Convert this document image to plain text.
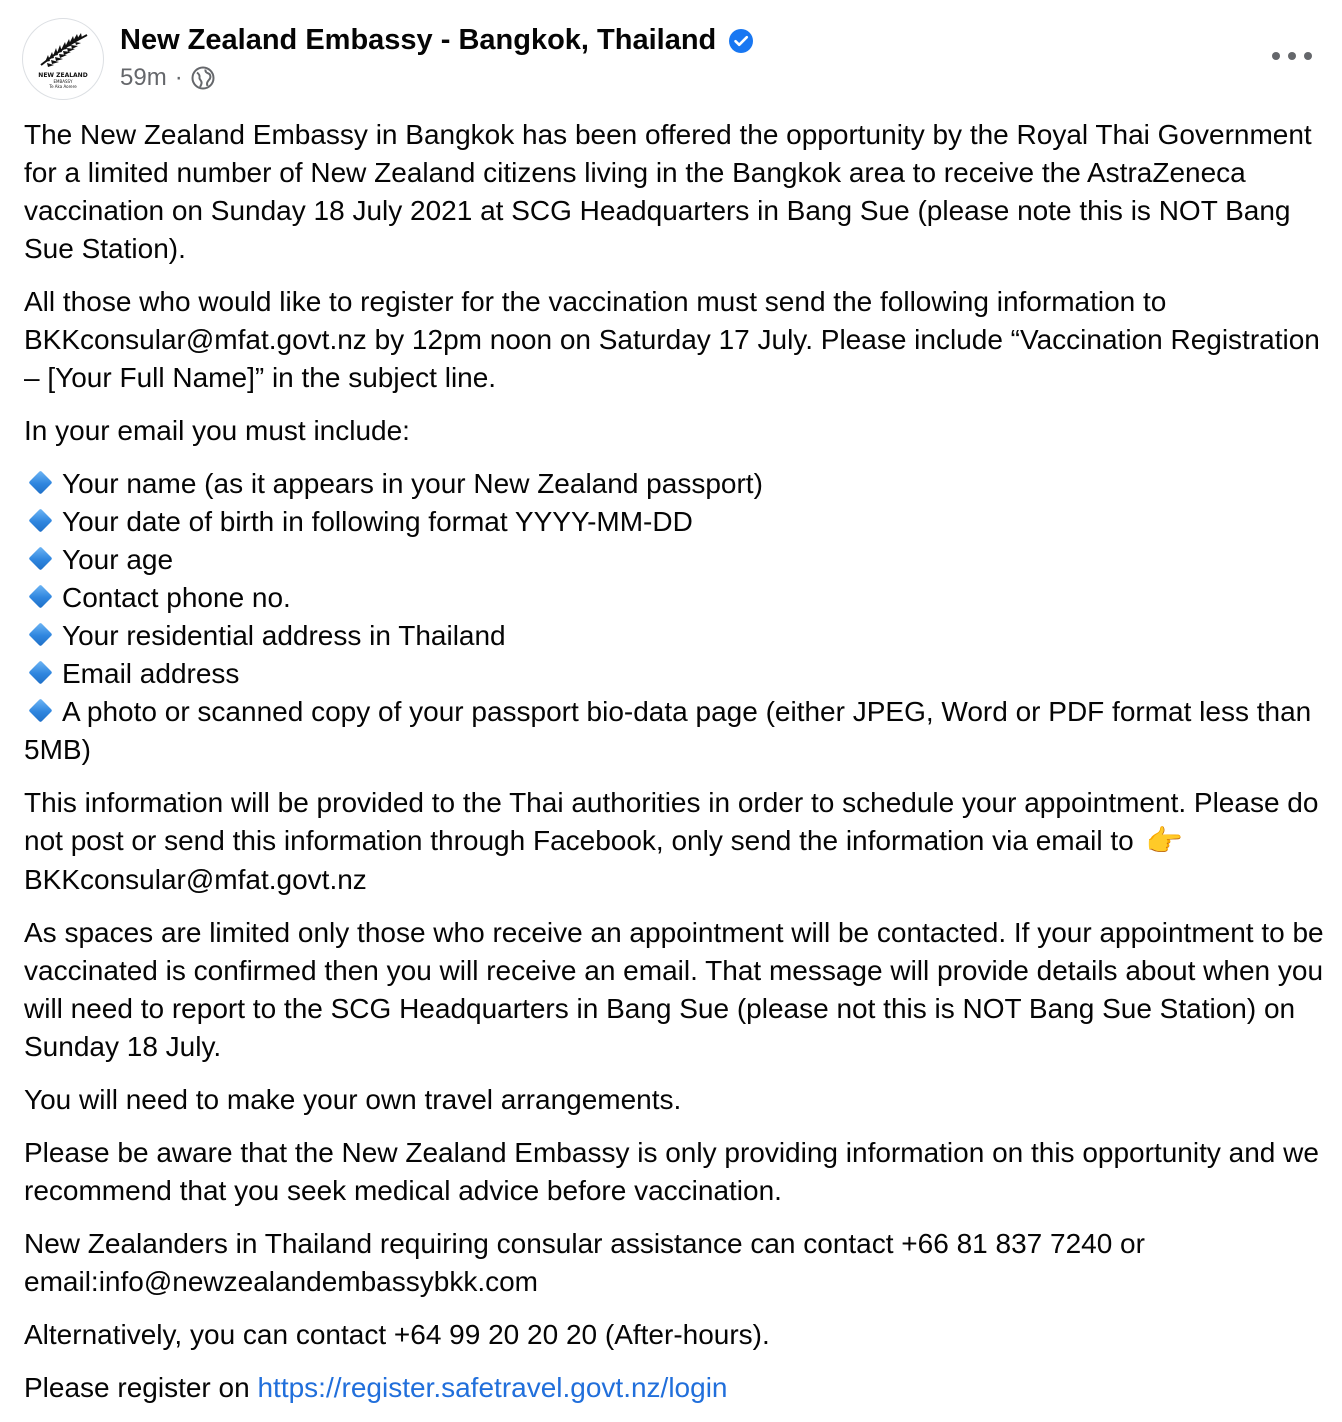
NEW ZEALAND
EMBASSY
Te Aka Aorere
New Zealand Embassy - Bangkok, Thailand
59m ·

The New Zealand Embassy in Bangkok has been offered the opportunity by the Royal Thai Government for a limited number of New Zealand citizens living in the Bangkok area to receive the AstraZeneca vaccination on Sunday 18 July 2021 at SCG Headquarters in Bang Sue (please note this is NOT Bang Sue Station).

All those who would like to register for the vaccination must send the following information to BKKconsular@mfat.govt.nz by 12pm noon on Saturday 17 July. Please include “Vaccination Registration – [Your Full Name]” in the subject line.

In your email you must include:

Your name (as it appears in your New Zealand passport)
Your date of birth in following format YYYY-MM-DD
Your age
Contact phone no.
Your residential address in Thailand
Email address
A photo or scanned copy of your passport bio-data page (either JPEG, Word or PDF format less than 5MB)

This information will be provided to the Thai authorities in order to schedule your appointment. Please do not post or send this information through Facebook, only send the information via email to 👉 BKKconsular@mfat.govt.nz

As spaces are limited only those who receive an appointment will be contacted. If your appointment to be vaccinated is confirmed then you will receive an email. That message will provide details about when you will need to report to the SCG Headquarters in Bang Sue (please not this is NOT Bang Sue Station) on Sunday 18 July.

You will need to make your own travel arrangements.

Please be aware that the New Zealand Embassy is only providing information on this opportunity and we recommend that you seek medical advice before vaccination.

New Zealanders in Thailand requiring consular assistance can contact +66 81 837 7240 or email:info@newzealandembassybkk.com

Alternatively, you can contact +64 99 20 20 20 (After-hours).

Please register on https://register.safetravel.govt.nz/login
